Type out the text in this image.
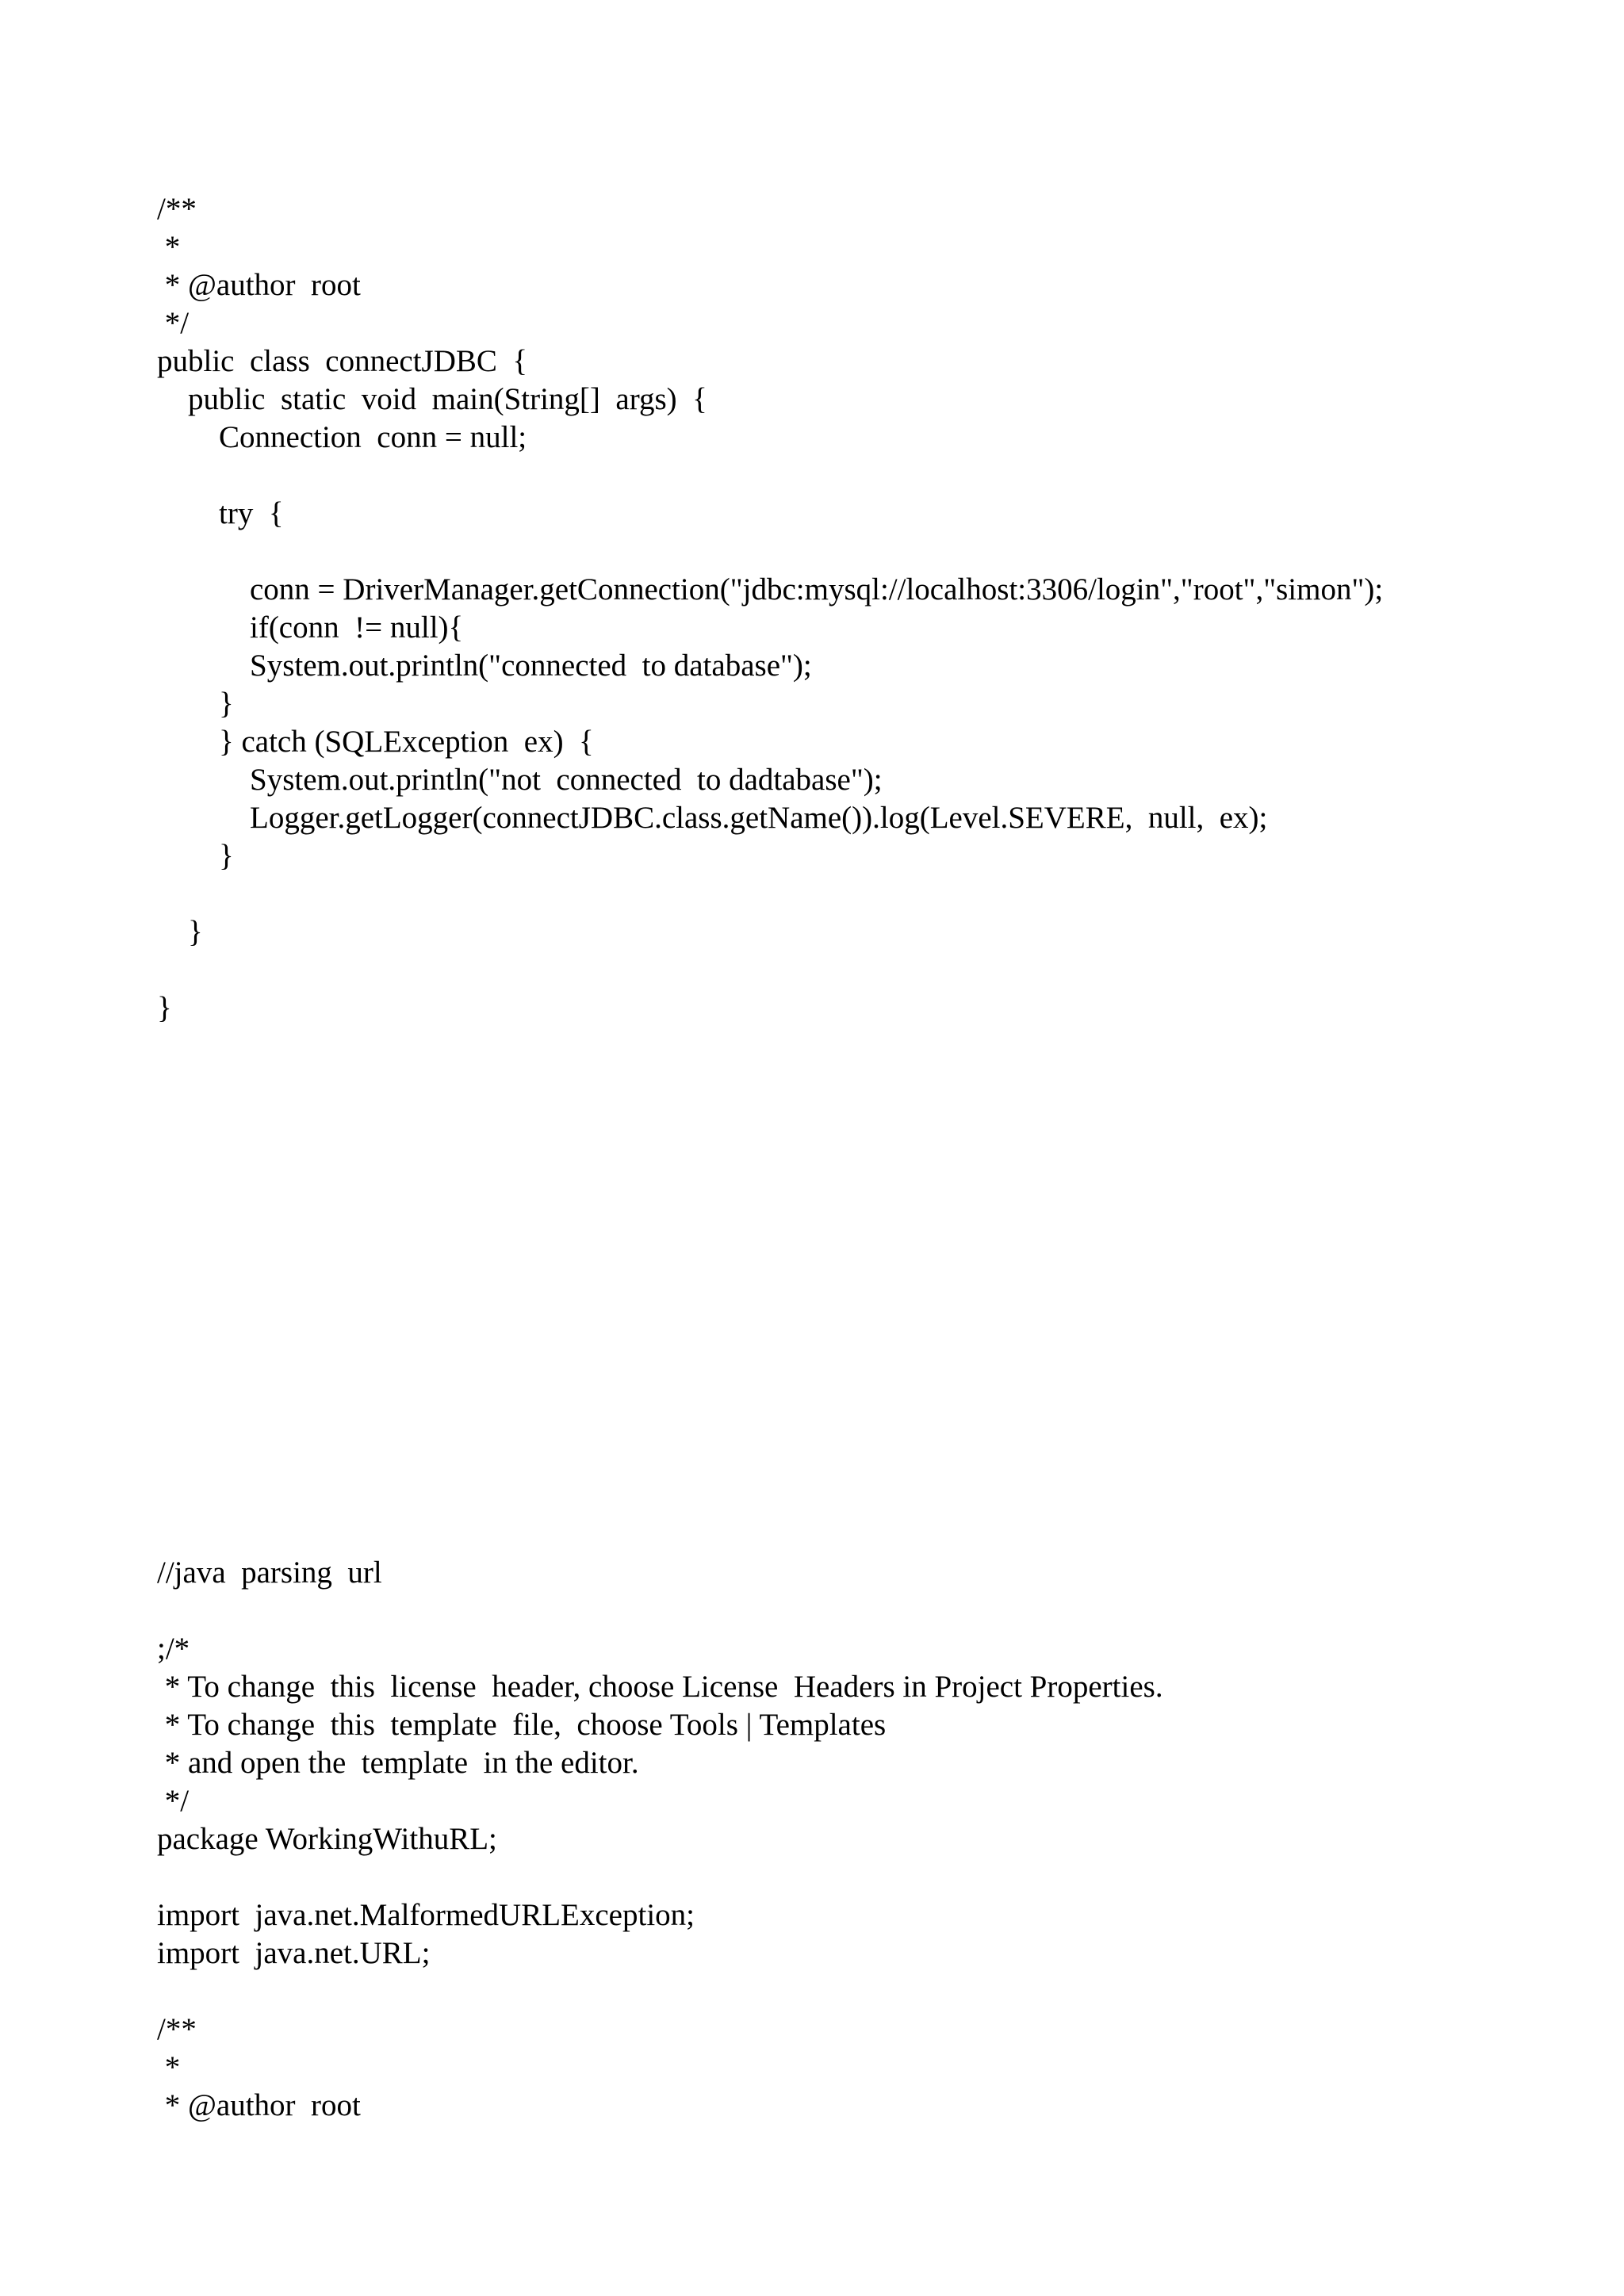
/**
*
* @author  root
*/
public  class  connectJDBC  {
public  static  void  main(String[]  args)  {
Connection  conn = null;
try  {
conn = DriverManager.getConnection("jdbc:mysql://localhost:3306/login","root","simon");
if(conn  != null){
System.out.println("connected  to database");
}
} catch (SQLException  ex)  {
System.out.println("not  connected  to dadtabase");
Logger.getLogger(connectJDBC.class.getName()).log(Level.SEVERE,  null,  ex);
}
}
}
//java  parsing  url
;/*
* To change  this  license  header, choose License  Headers in Project Properties.
* To change  this  template  file,  choose Tools | Templates
* and open the  template  in the editor.
*/
package WorkingWithuRL;
import  java.net.MalformedURLException;
import  java.net.URL;
/**
*
* @author  root
